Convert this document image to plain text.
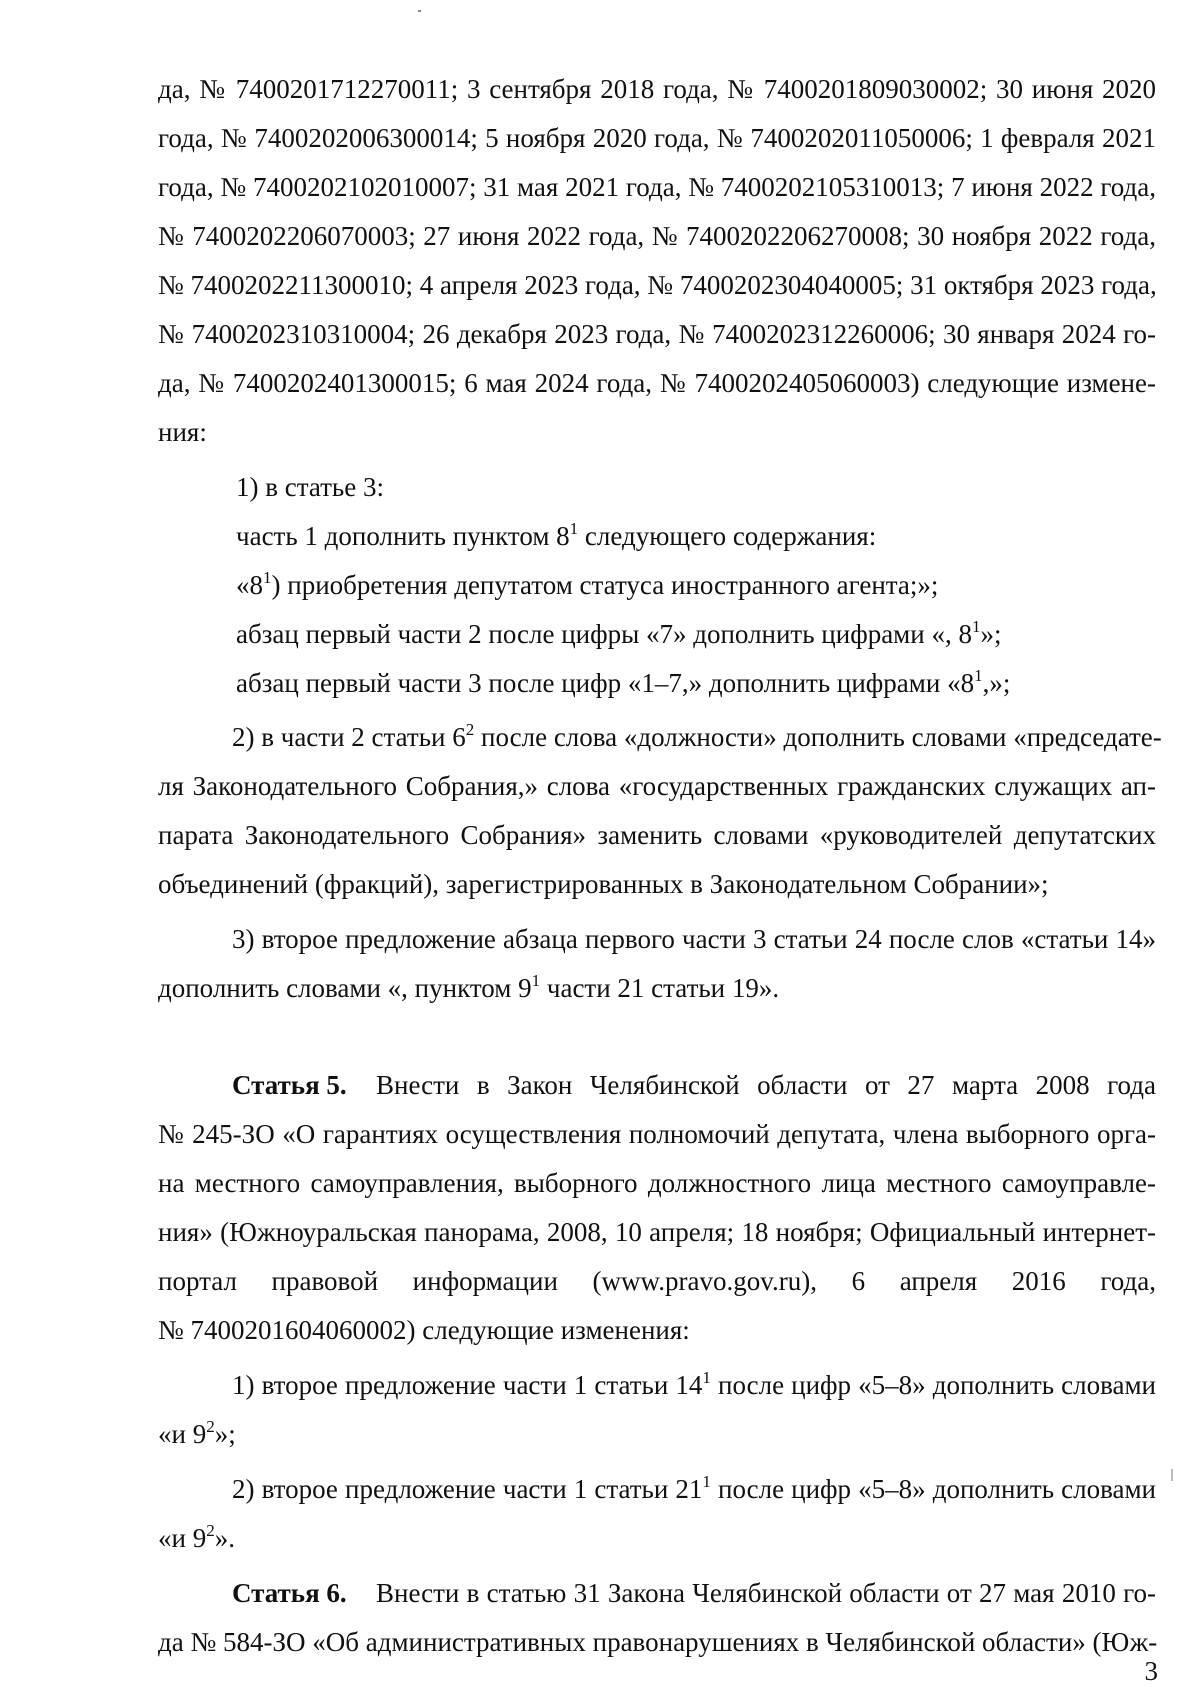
да, № 7400201712270011; 3 сентября 2018 года, № 7400201809030002; 30 июня 2020
года, № 7400202006300014; 5 ноября 2020 года, № 7400202011050006; 1 февраля 2021
года, № 7400202102010007; 31 мая 2021 года, № 7400202105310013; 7 июня 2022 года,
№ 7400202206070003; 27 июня 2022 года, № 7400202206270008; 30 ноября 2022 года,
№ 7400202211300010; 4 апреля 2023 года, № 7400202304040005; 31 октября 2023 года,
№ 7400202310310004; 26 декабря 2023 года, № 7400202312260006; 30 января 2024 го-
да, № 7400202401300015; 6 мая 2024 года, № 7400202405060003) следующие измене-
ния:
1) в статье 3:
часть 1 дополнить пунктом $8^1$ следующего содержания:
«$8^1$) приобретения депутатом статуса иностранного агента;»;
абзац первый части 2 после цифры «7» дополнить цифрами «, $8^1$»;
абзац первый части 3 после цифр «1–7,» дополнить цифрами «$8^1$,»;
2) в части 2 статьи $6^2$ после слова «должности» дополнить словами «председате-
ля Законодательного Собрания,» слова «государственных гражданских служащих ап-
парата Законодательного Собрания» заменить словами «руководителей депутатских
объединений (фракций), зарегистрированных в Законодательном Собрании»;
3) второе предложение абзаца первого части 3 статьи 24 после слов «статьи 14»
дополнить словами «, пунктом $9^1$ части 21 статьи 19».
Статья 5. Внести в Закон Челябинской области от 27 марта 2008 года
№ 245-ЗО «О гарантиях осуществления полномочий депутата, члена выборного орга-
на местного самоуправления, выборного должностного лица местного самоуправле-
ния» (Южноуральская панорама, 2008, 10 апреля; 18 ноября; Официальный интернет-
портал правовой информации (www.pravo.gov.ru), 6 апреля 2016 года,
№ 7400201604060002) следующие изменения:
1) второе предложение части 1 статьи $14^1$ после цифр «5–8» дополнить словами
«и $9^2$»;
2) второе предложение части 1 статьи $21^1$ после цифр «5–8» дополнить словами
«и $9^2$».
Статья 6. Внести в статью 31 Закона Челябинской области от 27 мая 2010 го-
да № 584-ЗО «Об административных правонарушениях в Челябинской области» (Юж-
3
